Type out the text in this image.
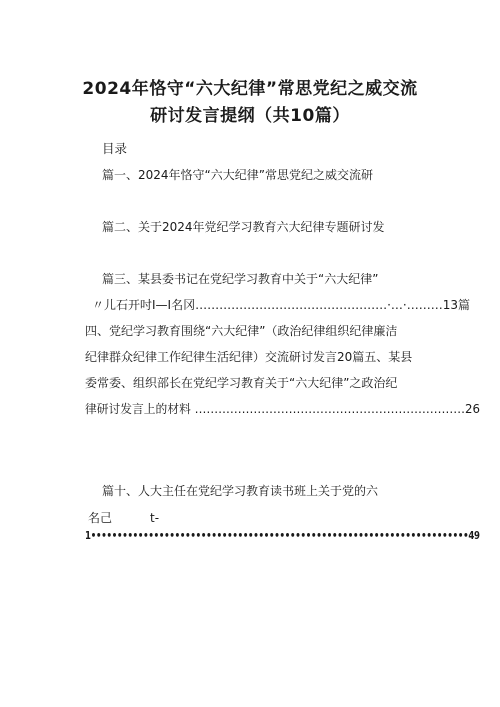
2024年恪守“六大纪律”常思党纪之威交流
研讨发言提纲（共10篇）
目录
篇一、2024年恪守“六大纪律”常思党纪之威交流研
篇二、关于2024年党纪学习教育六大纪律专题研讨发
篇三、某县委书记在党纪学习教育中关于“六大纪律”
〃儿石开吋I—I名冈…………………………………………·…·………13篇
四、党纪学习教育围绕“六大纪律”（政治纪律组织纪律廉洁
纪律群众纪律工作纪律生活纪律）交流研讨发言20篇五、某县
委常委、组织部长在党纪学习教育关于“六大纪律”之政治纪
律研讨发言上的材料 ……………………………………………………………26
篇十、人大主任在党纪学习教育读书班上关于党的六
名己	t-
1••••••••••••••••••••••••••••••••••••••••••••••••••••••••••••••••••••••••49
